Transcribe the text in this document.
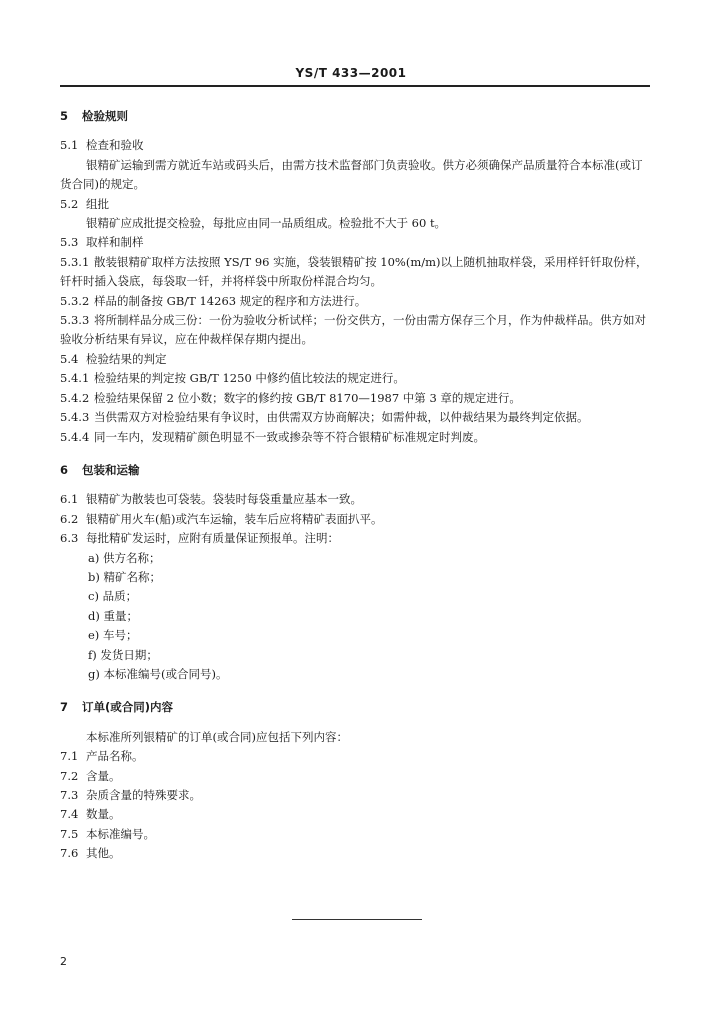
YS/T 433—2001

5 检验规则

5.1 检查和验收

银精矿运输到需方就近车站或码头后，由需方技术监督部门负责验收。供方必须确保产品质量符合本标准(或订货合同)的规定。

5.2 组批

银精矿应成批提交检验，每批应由同一品质组成。检验批不大于 60 t。

5.3 取样和制样

5.3.1 散装银精矿取样方法按照 YS/T 96 实施，袋装银精矿按 10%(m/m)以上随机抽取样袋，采用样钎钎取份样，钎杆时插入袋底，每袋取一钎，并将样袋中所取份样混合均匀。

5.3.2 样品的制备按 GB/T 14263 规定的程序和方法进行。

5.3.3 将所制样品分成三份：一份为验收分析试样；一份交供方，一份由需方保存三个月，作为仲裁样品。供方如对验收分析结果有异议，应在仲裁样保存期内提出。

5.4 检验结果的判定

5.4.1 检验结果的判定按 GB/T 1250 中修约值比较法的规定进行。

5.4.2 检验结果保留 2 位小数；数字的修约按 GB/T 8170—1987 中第 3 章的规定进行。

5.4.3 当供需双方对检验结果有争议时，由供需双方协商解决；如需仲裁，以仲裁结果为最终判定依据。

5.4.4 同一车内，发现精矿颜色明显不一致或掺杂等不符合银精矿标准规定时判废。

6 包装和运输

6.1 银精矿为散装也可袋装。袋装时每袋重量应基本一致。

6.2 银精矿用火车(船)或汽车运输，装车后应将精矿表面扒平。

6.3 每批精矿发运时，应附有质量保证预报单。注明：

a) 供方名称；

b) 精矿名称；

c) 品质；

d) 重量；

e) 车号；

f) 发货日期；

g) 本标准编号(或合同号)。

7 订单(或合同)内容

本标准所列银精矿的订单(或合同)应包括下列内容：

7.1 产品名称。

7.2 含量。

7.3 杂质含量的特殊要求。

7.4 数量。

7.5 本标准编号。

7.6 其他。

2
